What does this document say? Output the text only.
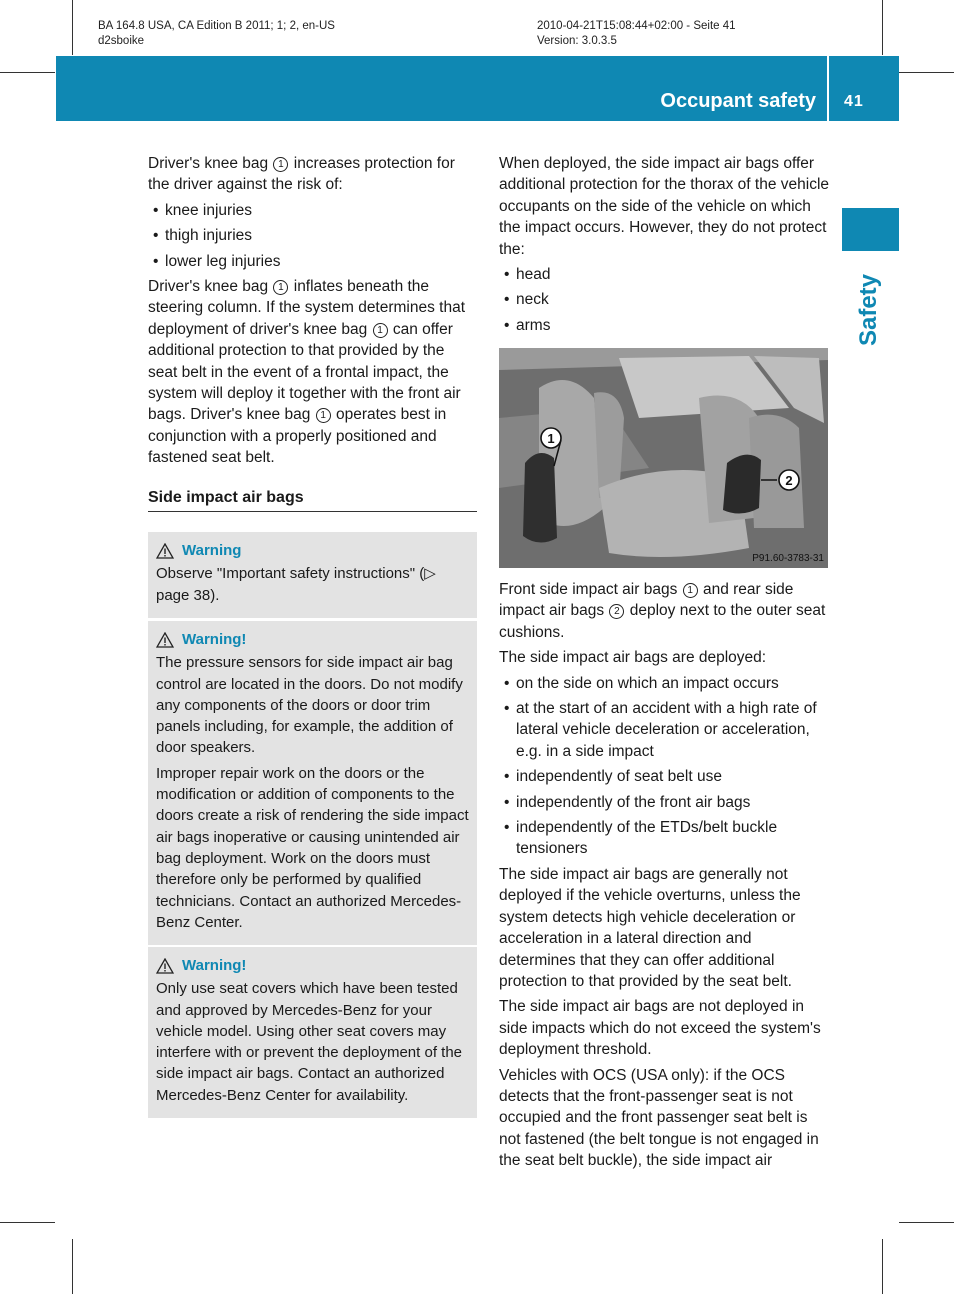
BA 164.8 USA, CA Edition B 2011; 1; 2, en-US
d2sboike
2010-04-21T15:08:44+02:00 - Seite 41
Version: 3.0.3.5
Occupant safety 41
Safety

Driver's knee bag 1 increases protection for the driver against the risk of:

• knee injuries
• thigh injuries
• lower leg injuries

Driver's knee bag 1 inflates beneath the steering column. If the system determines that deployment of driver's knee bag 1 can offer additional protection to that provided by the seat belt in the event of a frontal impact, the system will deploy it together with the front air bags. Driver's knee bag 1 operates best in conjunction with a properly positioned and fastened seat belt.

Side impact air bags
Warning

Observe "Important safety instructions" (▷ page 38).

Warning!

The pressure sensors for side impact air bag control are located in the doors. Do not modify any components of the doors or door trim panels including, for example, the addition of door speakers.

Improper repair work on the doors or the modification or addition of components to the doors create a risk of rendering the side impact air bags inoperative or causing unintended air bag deployment. Work on the doors must therefore only be performed by qualified technicians. Contact an authorized Mercedes-Benz Center.

Warning!

Only use seat covers which have been tested and approved by Mercedes-Benz for your vehicle model. Using other seat covers may interfere with or prevent the deployment of the side impact air bags. Contact an authorized Mercedes-Benz Center for availability.

When deployed, the side impact air bags offer additional protection for the thorax of the vehicle occupants on the side of the vehicle on which the impact occurs. However, they do not protect the:

• head
• neck
• arms
1
2
P91.60-3783-31

Front side impact air bags 1 and rear side impact air bags 2 deploy next to the outer seat cushions.

The side impact air bags are deployed:

• on the side on which an impact occurs
• at the start of an accident with a high rate of lateral vehicle deceleration or acceleration, e.g. in a side impact
• independently of seat belt use
• independently of the front air bags
• independently of the ETDs/belt buckle tensioners

The side impact air bags are generally not deployed if the vehicle overturns, unless the system detects high vehicle deceleration or acceleration in a lateral direction and determines that they can offer additional protection to that provided by the seat belt.

The side impact air bags are not deployed in side impacts which do not exceed the system's deployment threshold.

Vehicles with OCS (USA only): if the OCS detects that the front-passenger seat is not occupied and the front passenger seat belt is not fastened (the belt tongue is not engaged in the seat belt buckle), the side impact air
